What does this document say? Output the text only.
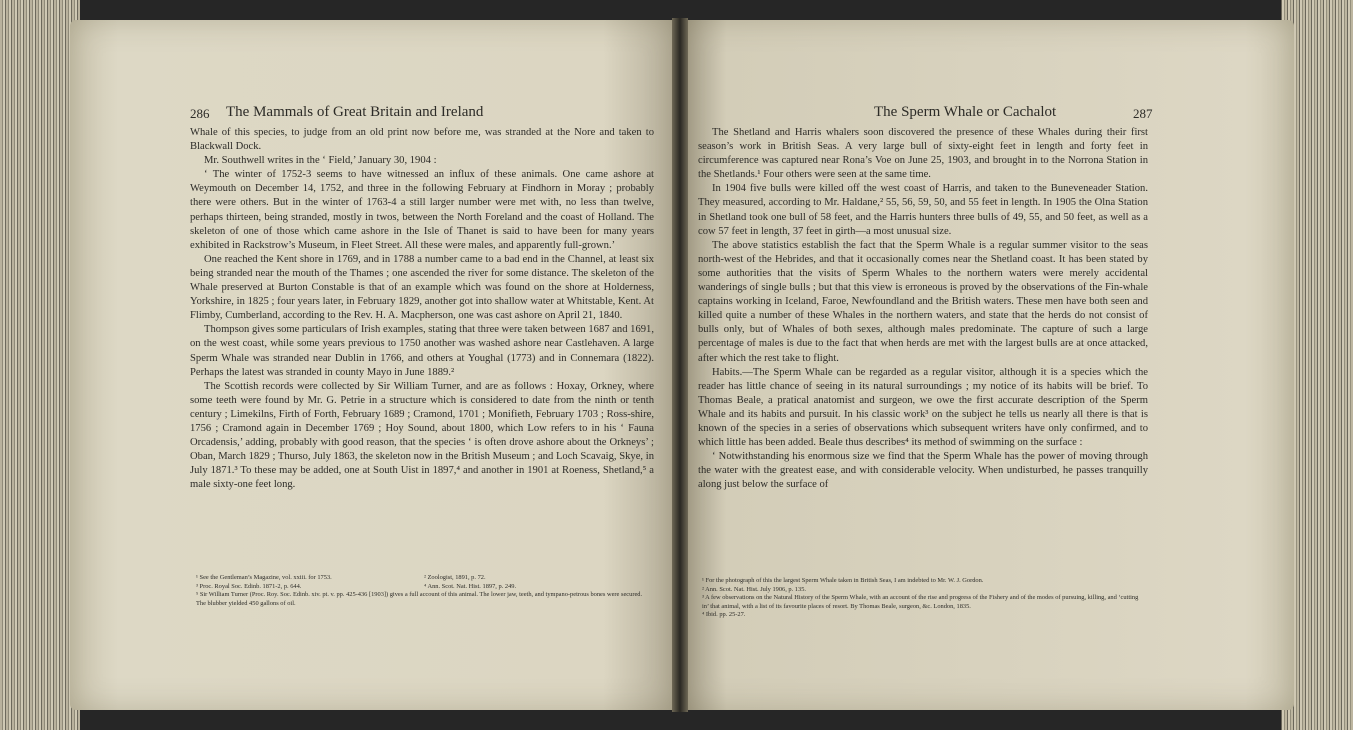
The Mammals of Great Britain and Ireland
286

Whale of this species, to judge from an old print now before me, was stranded at the Nore and taken to Blackwall Dock.

Mr. Southwell writes in the ‘ Field,’ January 30, 1904 :

‘ The winter of 1752-3 seems to have witnessed an influx of these animals. One came ashore at Weymouth on December 14, 1752, and three in the following February at Findhorn in Moray ; probably there were others. But in the winter of 1763-4 a still larger number were met with, no less than twelve, perhaps thirteen, being stranded, mostly in twos, between the North Foreland and the coast of Holland. The skeleton of one of those which came ashore in the Isle of Thanet is said to have been for many years exhibited in Rackstrow’s Museum, in Fleet Street. All these were males, and apparently full-grown.’

One reached the Kent shore in 1769, and in 1788 a number came to a bad end in the Channel, at least six being stranded near the mouth of the Thames ; one ascended the river for some distance. The skeleton of the Whale preserved at Burton Constable is that of an example which was found on the shore at Holderness, Yorkshire, in 1825 ; four years later, in February 1829, another got into shallow water at Whitstable, Kent. At Flimby, Cumberland, according to the Rev. H. A. Macpherson, one was cast ashore on April 21, 1840.

Thompson gives some particulars of Irish examples, stating that three were taken between 1687 and 1691, on the west coast, while some years previous to 1750 another was washed ashore near Castlehaven. A large Sperm Whale was stranded near Dublin in 1766, and others at Youghal (1773) and in Connemara (1822). Perhaps the latest was stranded in county Mayo in June 1889.²

The Scottish records were collected by Sir William Turner, and are as follows : Hoxay, Orkney, where some teeth were found by Mr. G. Petrie in a structure which is considered to date from the ninth or tenth century ; Limekilns, Firth of Forth, February 1689 ; Cramond, 1701 ; Monifieth, February 1703 ; Ross-shire, 1756 ; Cramond again in December 1769 ; Hoy Sound, about 1800, which Low refers to in his ‘ Fauna Orcadensis,’ adding, probably with good reason, that the species ‘ is often drove ashore about the Orkneys’ ; Oban, March 1829 ; Thurso, July 1863, the skeleton now in the British Museum ; and Loch Scavaig, Skye, in July 1871.³ To these may be added, one at South Uist in 1897,⁴ and another in 1901 at Roeness, Shetland,⁵ a male sixty-one feet long.

¹ See the Gentleman’s Magazine, vol. xxiii. for 1753.	² Zoologist, 1891, p. 72.
³ Proc. Royal Soc. Edinb. 1871-2, p. 644.	⁴ Ann. Scot. Nat. Hist. 1897, p. 249.

⁵ Sir William Turner (Proc. Roy. Soc. Edinb. xiv. pt. v. pp. 425-436 [1903]) gives a full account of this animal. The lower jaw, teeth, and tympano-petrous bones were secured. The blubber yielded 450 gallons of oil.

The Sperm Whale or Cachalot	287

The Shetland and Harris whalers soon discovered the presence of these Whales during their first season’s work in British Seas. A very large bull of sixty-eight feet in length and forty feet in circumference was captured near Rona’s Voe on June 25, 1903, and brought in to the Norrona Station in the Shetlands.¹ Four others were seen at the same time.

In 1904 five bulls were killed off the west coast of Harris, and taken to the Buneveneader Station. They measured, according to Mr. Haldane,² 55, 56, 59, 50, and 55 feet in length. In 1905 the Olna Station in Shetland took one bull of 58 feet, and the Harris hunters three bulls of 49, 55, and 50 feet, as well as a cow 57 feet in length, 37 feet in girth—a most unusual size.

The above statistics establish the fact that the Sperm Whale is a regular summer visitor to the seas north-west of the Hebrides, and that it occasionally comes near the Shetland coast. It has been stated by some authorities that the visits of Sperm Whales to the northern waters were merely accidental wanderings of single bulls ; but that this view is erroneous is proved by the observations of the Fin-whale captains working in Iceland, Faroe, Newfoundland and the British waters. These men have both seen and killed quite a number of these Whales in the northern waters, and state that the herds do not consist of bulls only, but of Whales of both sexes, although males predominate. The capture of such a large percentage of males is due to the fact that when herds are met with the largest bulls are at once attacked, after which the rest take to flight.

Habits.—The Sperm Whale can be regarded as a regular visitor, although it is a species which the reader has little chance of seeing in its natural surroundings ; my notice of its habits will be brief. To Thomas Beale, a pratical anatomist and surgeon, we owe the first accurate description of the Sperm Whale and its habits and pursuit. In his classic work³ on the subject he tells us nearly all there is that is known of the species in a series of observations which subsequent writers have only confirmed, and to which little has been added. Beale thus describes⁴ its method of swimming on the surface :

‘ Notwithstanding his enormous size we find that the Sperm Whale has the power of moving through the water with the greatest ease, and with considerable velocity. When undisturbed, he passes tranquilly along just below the surface of

¹ For the photograph of this the largest Sperm Whale taken in British Seas, I am indebted to Mr. W. J. Gordon.

² Ann. Scot. Nat. Hist. July 1906, p. 135.

³ A few observations on the Natural History of the Sperm Whale, with an account of the rise and progress of the Fishery and of the modes of pursuing, killing, and ‘cutting in’ that animal, with a list of its favourite places of resort. By Thomas Beale, surgeon, &c. London, 1835.

⁴ Ibid. pp. 25-27.
